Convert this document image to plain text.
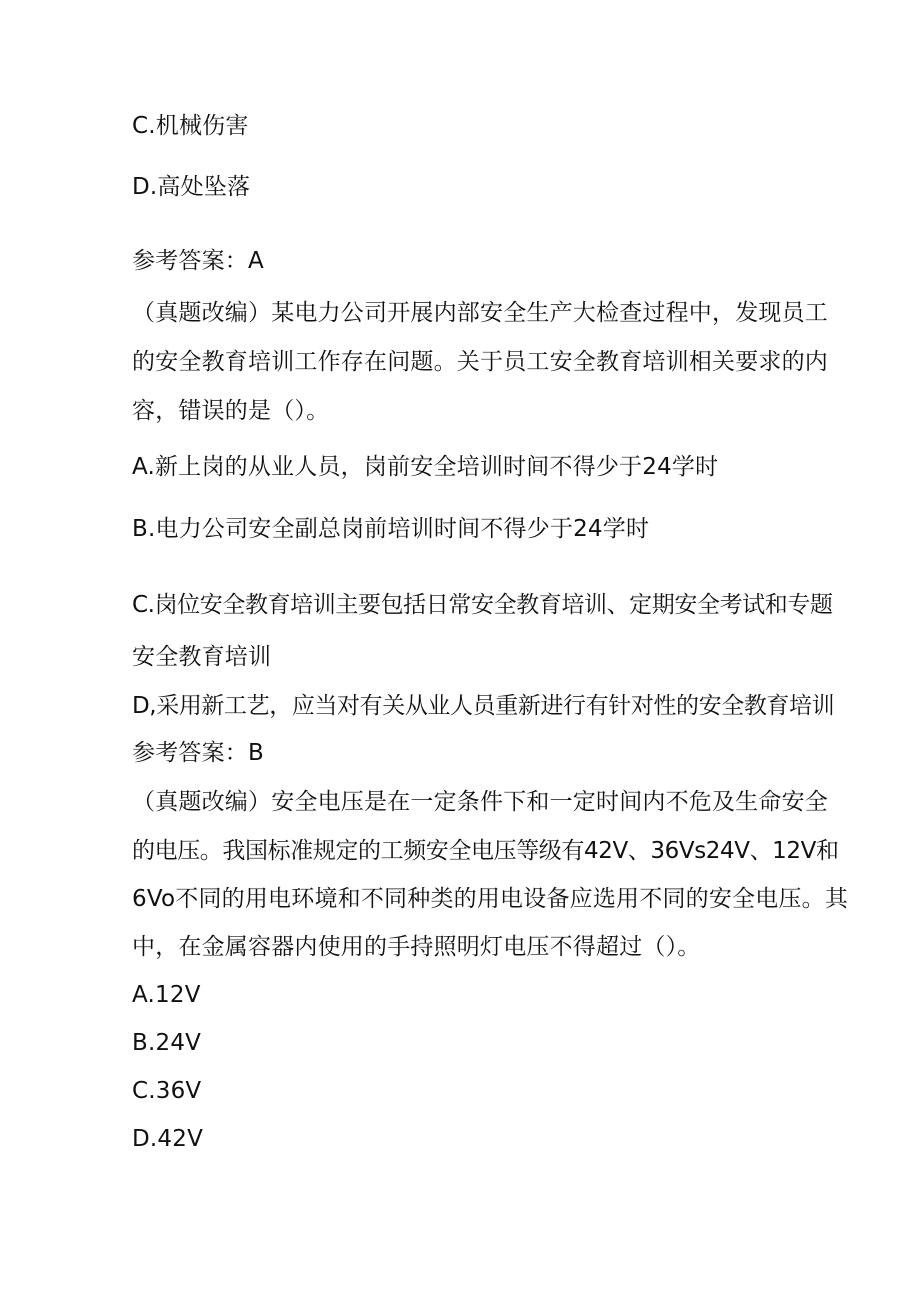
C.机械伤害
D.高处坠落
参考答案：A
（真题改编）某电力公司开展内部安全生产大检查过程中，发现员工
的安全教育培训工作存在问题。关于员工安全教育培训相关要求的内
容，错误的是（）。
A.新上岗的从业人员，岗前安全培训时间不得少于24学时
B.电力公司安全副总岗前培训时间不得少于24学时
C.岗位安全教育培训主要包括日常安全教育培训、定期安全考试和专题
安全教育培训
D,采用新工艺，应当对有关从业人员重新进行有针对性的安全教育培训
参考答案：B
（真题改编）安全电压是在一定条件下和一定时间内不危及生命安全
的电压。我国标准规定的工频安全电压等级有42V、36Vs24V、12V和
6Vo不同的用电环境和不同种类的用电设备应选用不同的安全电压。其
中，在金属容器内使用的手持照明灯电压不得超过（）。
A.12V
B.24V
C.36V
D.42V
